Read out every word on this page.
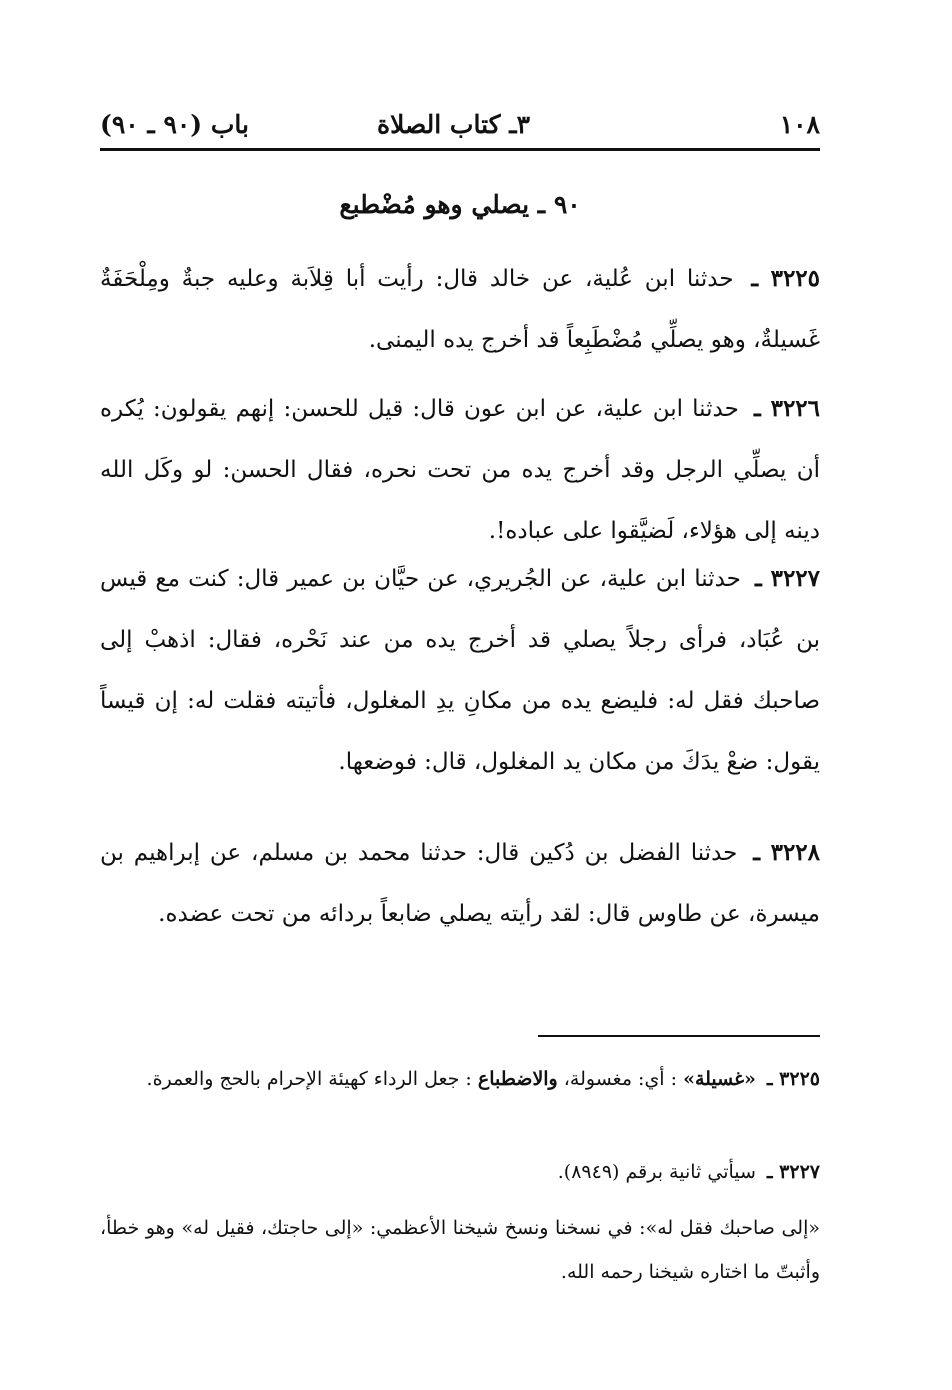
١٠٨
٣ـ كتاب الصلاة
باب (٩٠ ـ ٩٠)
٩٠ ـ يصلي وهو مُضْطبع
٣٢٢٥ ـ حدثنا ابن عُلية، عن خالد قال: رأيت أبا قِلاَبة وعليه جبةٌ ومِلْحَفَةٌ غَسيلةٌ، وهو يصلِّي مُضْطَبِعاً قد أخرج يده اليمنى.
٣٢٢٦ ـ حدثنا ابن علية، عن ابن عون قال: قيل للحسن: إنهم يقولون: يُكره أن يصلِّي الرجل وقد أخرج يده من تحت نحره، فقال الحسن: لو وكَل الله دينه إلى هؤلاء، لَضيَّقوا على عباده!.
٣٢٢٧ ـ حدثنا ابن علية، عن الجُريري، عن حيَّان بن عمير قال: كنت مع قيس بن عُبَاد، فرأى رجلاً يصلي قد أخرج يده من عند نَحْره، فقال: اذهبْ إلى صاحبك فقل له: فليضع يده من مكانِ يدِ المغلول، فأتيته فقلت له: إن قيساً يقول: ضعْ يدَكَ من مكان يد المغلول، قال: فوضعها.
٣٢٢٨ ـ حدثنا الفضل بن دُكين قال: حدثنا محمد بن مسلم، عن إبراهيم بن ميسرة، عن طاوس قال: لقد رأيته يصلي ضابعاً بردائه من تحت عضده.
٣٢٢٥ ـ «غسيلة» : أي: مغسولة، والاضطباع : جعل الرداء كهيئة الإحرام بالحج والعمرة.
٣٢٢٧ ـ سيأتي ثانية برقم (٨٩٤٩).
«إلى صاحبك فقل له»: في نسخنا ونسخ شيخنا الأعظمي: «إلى حاجتك، فقيل له» وهو خطأ، وأثبتّ ما اختاره شيخنا رحمه الله.
